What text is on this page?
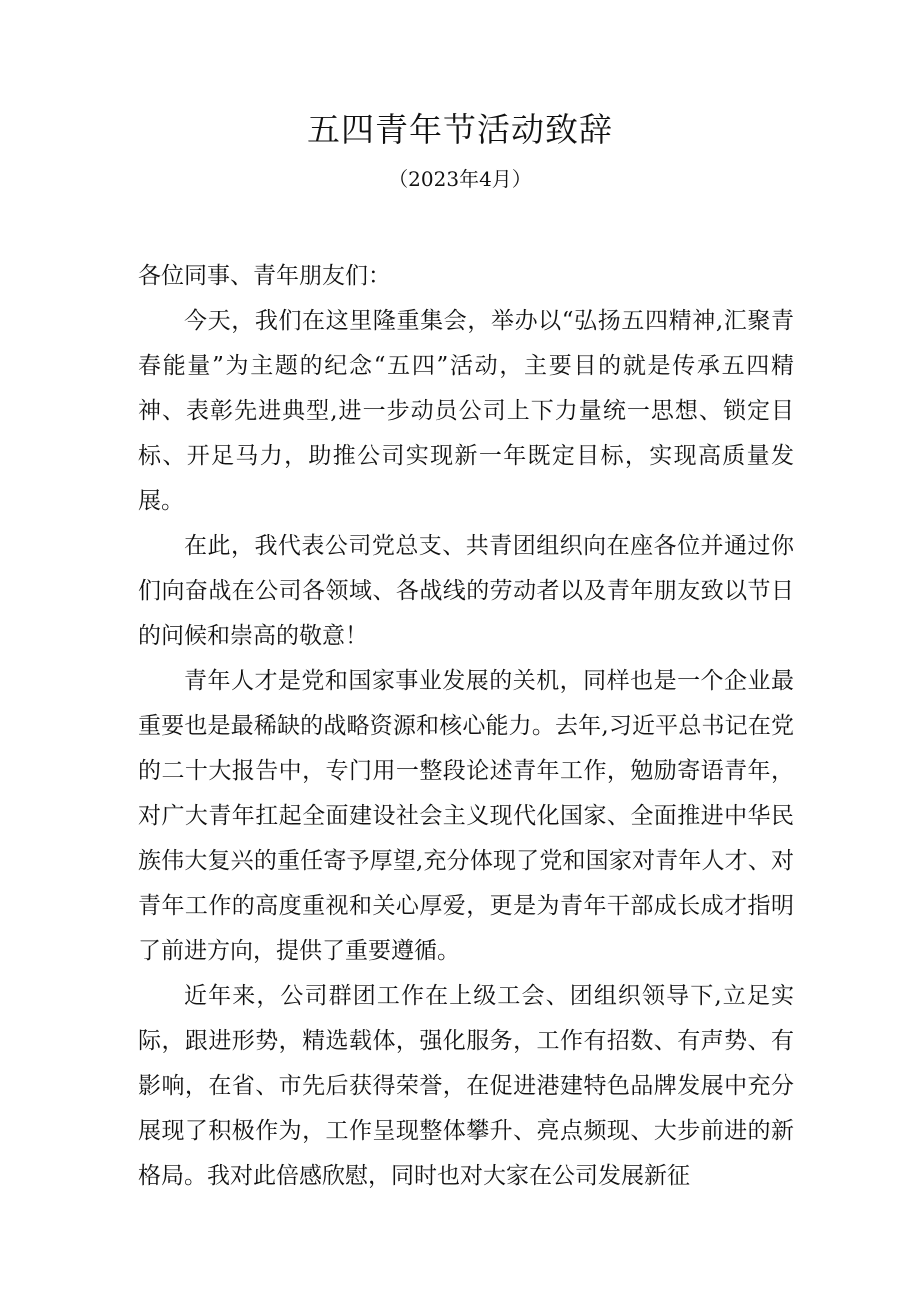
五四青年节活动致辞

（2023年4月）

各位同事、青年朋友们：

今天，我们在这里隆重集会，举办以“弘扬五四精神,汇聚青春能量”为主题的纪念“五四”活动，主要目的就是传承五四精神、表彰先进典型,进一步动员公司上下力量统一思想、锁定目标、开足马力，助推公司实现新一年既定目标，实现高质量发展。

在此，我代表公司党总支、共青团组织向在座各位并通过你们向奋战在公司各领域、各战线的劳动者以及青年朋友致以节日的问候和崇高的敬意！

青年人才是党和国家事业发展的关机，同样也是一个企业最重要也是最稀缺的战略资源和核心能力。去年,习近平总书记在党的二十大报告中，专门用一整段论述青年工作，勉励寄语青年，对广大青年扛起全面建设社会主义现代化国家、全面推进中华民族伟大复兴的重任寄予厚望,充分体现了党和国家对青年人才、对青年工作的高度重视和关心厚爱，更是为青年干部成长成才指明了前进方向，提供了重要遵循。

近年来，公司群团工作在上级工会、团组织领导下,立足实际，跟进形势，精选载体，强化服务，工作有招数、有声势、有影响，在省、市先后获得荣誉，在促进港建特色品牌发展中充分展现了积极作为，工作呈现整体攀升、亮点频现、大步前进的新格局。我对此倍感欣慰，同时也对大家在公司发展新征
